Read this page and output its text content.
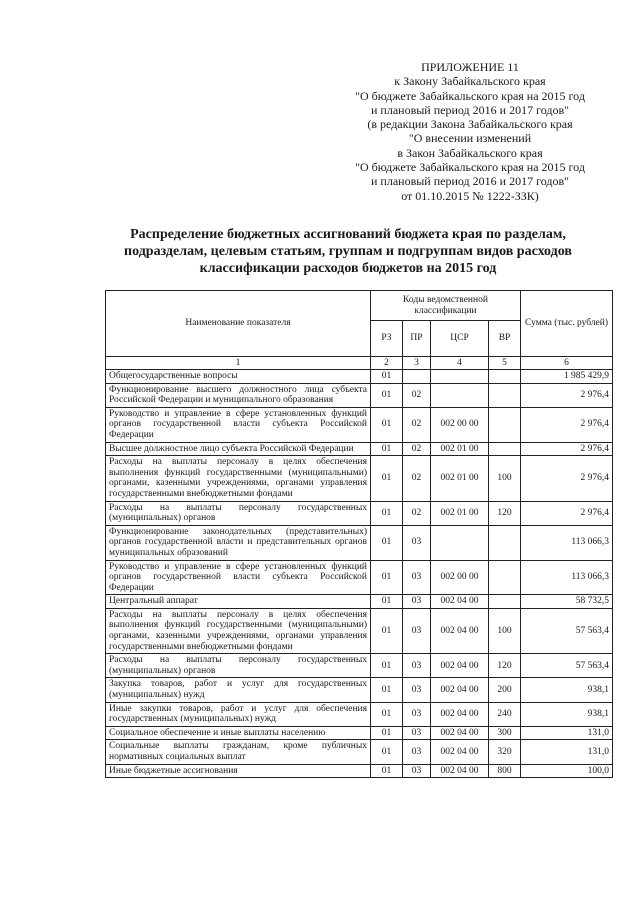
ПРИЛОЖЕНИЕ 11
к Закону Забайкальского края
"О бюджете Забайкальского края на 2015 год
и плановый период 2016 и 2017 годов"
(в редакции Закона Забайкальского края
"О внесении изменений
в Закон Забайкальского края
"О бюджете Забайкальского края на 2015 год
и плановый период 2016 и 2017 годов"
от 01.10.2015 № 1222-ЗЗК)
Распределение бюджетных ассигнований бюджета края по разделам,
подразделам, целевым статьям, группам и подгруппам видов расходов
классификации расходов бюджетов на 2015 год
Наименование показателя	Коды ведомственной классификации				Сумма (тыс. рублей)
	РЗ	ПР	ЦСР	ВР	
1	2	3	4	5	6
Общегосударственные вопросы	01				1 985 429,9
Функционирование высшего должностного лица субъекта Российской Федерации и муниципального образования	01	02			2 976,4
Руководство и управление в сфере установленных функций органов государственной власти субъекта Российской Федерации	01	02	002 00 00		2 976,4
Высшее должностное лицо субъекта Российской Федерации	01	02	002 01 00		2 976,4
Расходы на выплаты персоналу в целях обеспечения выполнения функций государственными (муниципальными) органами, казенными учреждениями, органами управления государственными внебюджетными фондами	01	02	002 01 00	100	2 976,4
Расходы на выплаты персоналу государственных (муниципальных) органов	01	02	002 01 00	120	2 976,4
Функционирование законодательных (представительных) органов государственной власти и представительных органов муниципальных образований	01	03			113 066,3
Руководство и управление в сфере установленных функций органов государственной власти субъекта Российской Федерации	01	03	002 00 00		113 066,3
Центральный аппарат	01	03	002 04 00		58 732,5
Расходы на выплаты персоналу в целях обеспечения выполнения функций государственными (муниципальными) органами, казенными учреждениями, органами управления государственными внебюджетными фондами	01	03	002 04 00	100	57 563,4
Расходы на выплаты персоналу государственных (муниципальных) органов	01	03	002 04 00	120	57 563,4
Закупка товаров, работ и услуг для государственных (муниципальных) нужд	01	03	002 04 00	200	938,1
Иные закупки товаров, работ и услуг для обеспечения государственных (муниципальных) нужд	01	03	002 04 00	240	938,1
Социальное обеспечение и иные выплаты населению	01	03	002 04 00	300	131,0
Социальные выплаты гражданам, кроме публичных нормативных социальных выплат	01	03	002 04 00	320	131,0
Иные бюджетные ассигнования	01	03	002 04 00	800	100,0
